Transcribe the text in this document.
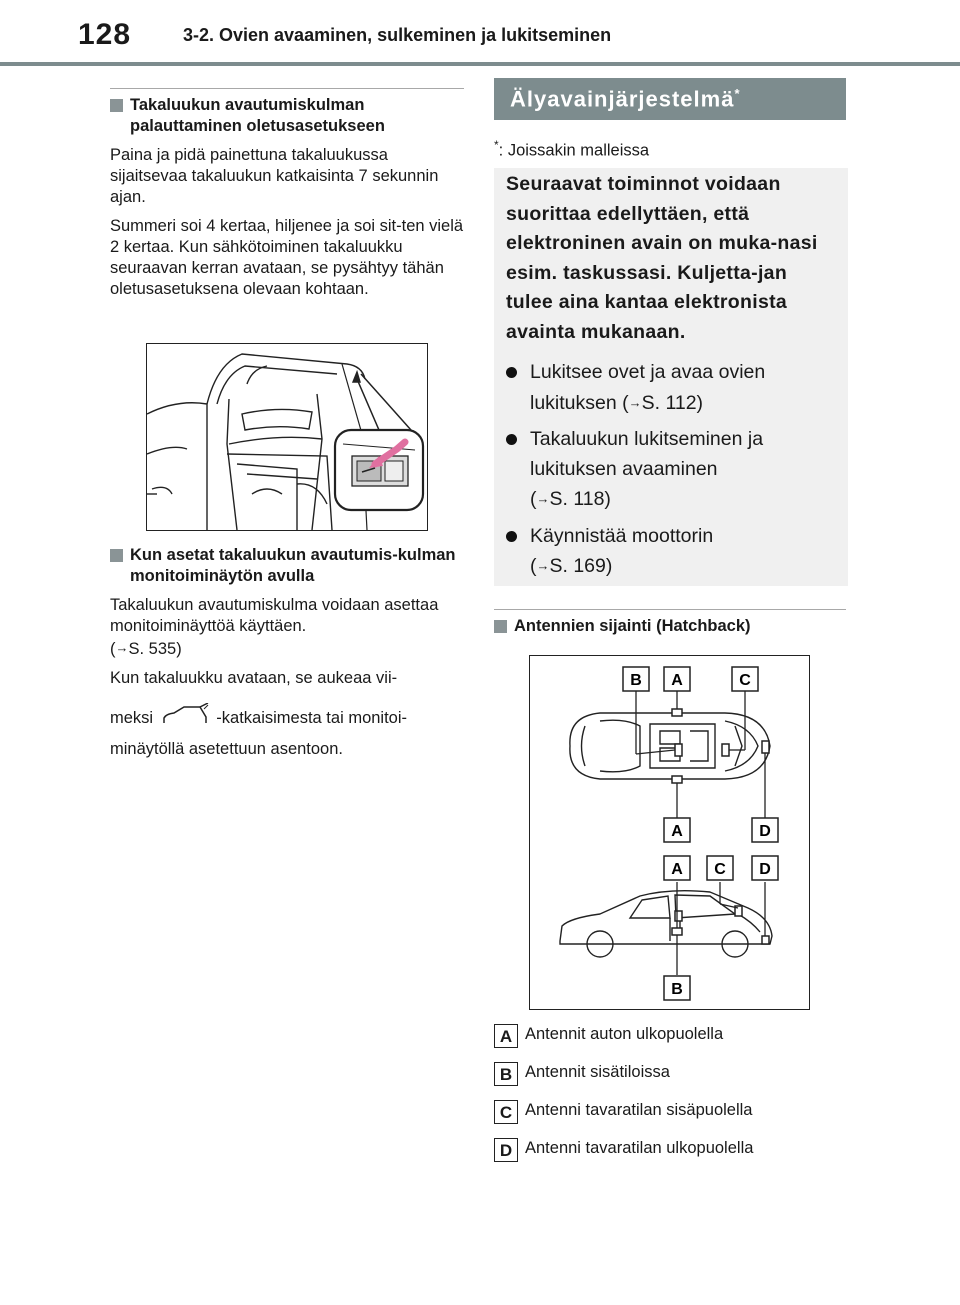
128	3-2. Ovien avaaminen, sulkeminen ja lukitseminen
Takaluukun avautumiskulman palauttaminen oletusasetukseen

Paina ja pidä painettuna takaluukussa sijaitsevaa takaluukun katkaisinta 7 sekunnin ajan.

Summeri soi 4 kertaa, hiljenee ja soi sit-ten vielä 2 kertaa. Kun sähkötoiminen takaluukku seuraavan kerran avataan, se pysähtyy tähän oletusasetuksena olevaan kohtaan.

Kun asetat takaluukun avautumis-kulman monitoiminäytön avulla

Takaluukun avautumiskulma voidaan asettaa monitoiminäyttöä käyttäen.
(→S. 535)

Kun takaluukku avataan, se aukeaa vii-
meksi	-katkaisimesta tai monitoi-
minäytöllä asetettuun asentoon.
Älyavainjärjestelmä*
*: Joissakin malleissa
Seuraavat toiminnot voidaan suorittaa edellyttäen, että elektroninen avain on muka-nasi esim. taskussasi. Kuljetta-jan tulee aina kantaa elektronista avainta mukanaan.
Lukitsee ovet ja avaa ovien
lukituksen (→S. 112)
Takaluukun lukitseminen ja
lukituksen avaaminen
(→S. 118)
Käynnistää moottorin
(→S. 169)
Antennien sijainti (Hatchback)
B A	C
A	D
A C D
B
A Antennit auton ulkopuolella
B Antennit sisätiloissa
C Antenni tavaratilan sisäpuolella
D Antenni tavaratilan ulkopuolella
